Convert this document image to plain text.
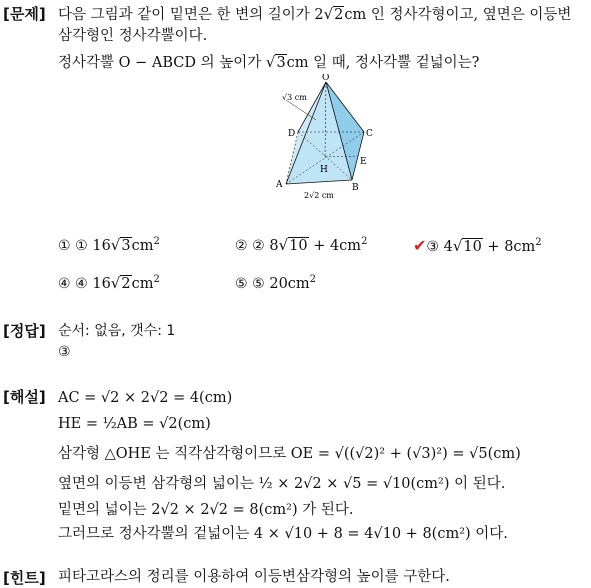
[문제] 다음 그림과 같이 밑면은 한 변의 길이가 2√2cm 인 정사각형이고, 옆면은 이등변
삼각형인 정사각뿔이다.
정사각뿔 O − ABCD 의 높이가 √3cm 일 때, 정사각뿔 겉넓이는?
O
A	B
C
D
E
H
√3 cm
2√2 cm
① ① $16√3cm^2$	② ② $8√10 + 4cm^2$	✔③ $4√10 + 8cm^2$
④ ④ $16√2cm^2$	⑤ ⑤ $20cm^2$
[정답] 순서: 없음, 갯수: 1
③
[해설] AC = √2 × 2√2 = 4(cm)
HE = ½AB = √2(cm)
삼각형 △OHE 는 직각삼각형이므로 OE = √((√2)² + (√3)²) = √5(cm)
옆면의 이등변 삼각형의 넓이는 ½ × 2√2 × √5 = √10(cm²) 이 된다.
밑면의 넓이는 2√2 × 2√2 = 8(cm²) 가 된다.
그러므로 정사각뿔의 겉넓이는 4 × √10 + 8 = 4√10 + 8(cm²) 이다.
[힌트] 피타고라스의 정리를 이용하여 이등변삼각형의 높이를 구한다.
